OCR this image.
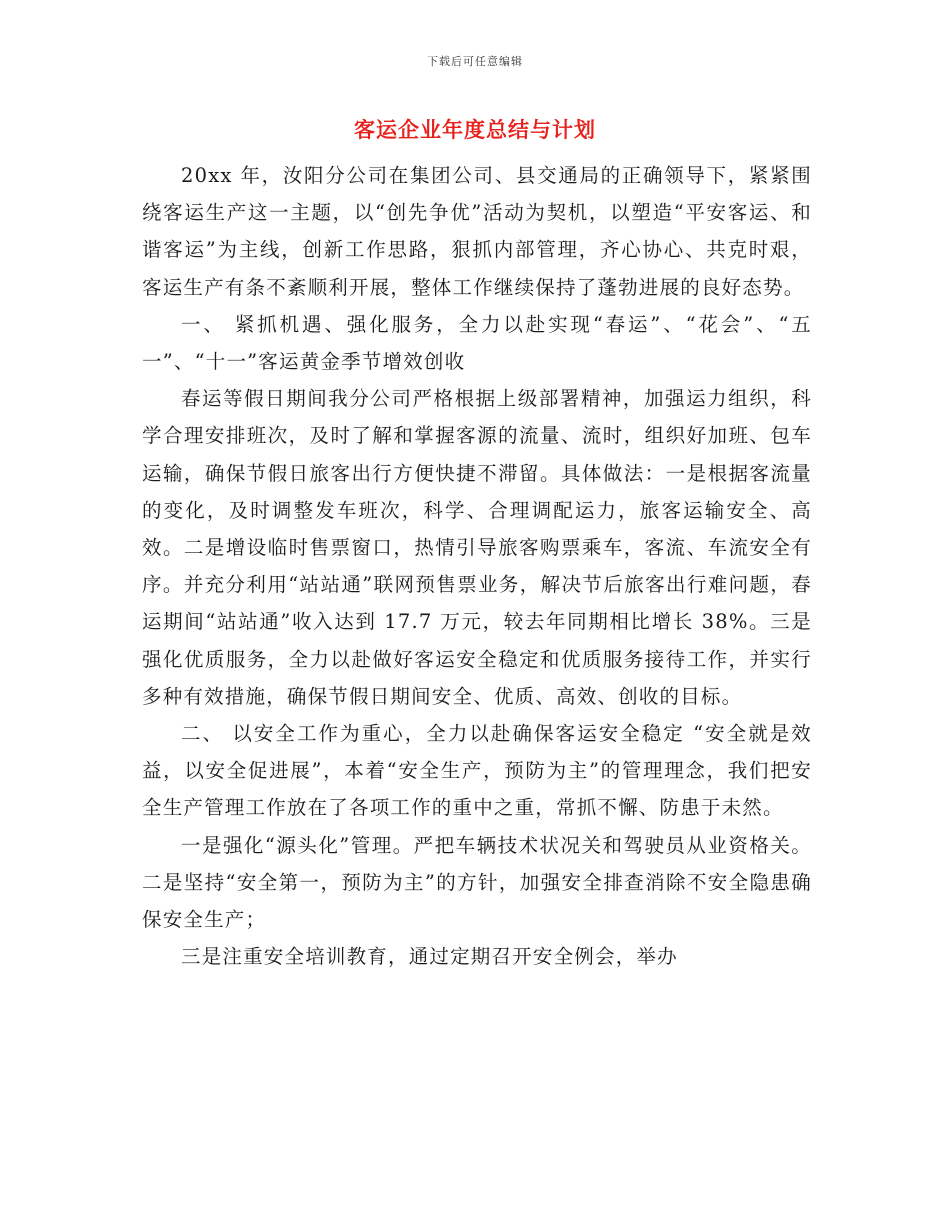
下载后可任意编辑
客运企业年度总结与计划

20xx 年，汝阳分公司在集团公司、县交通局的正确领导下，紧紧围绕客运生产这一主题，以“创先争优”活动为契机，以塑造“平安客运、和谐客运”为主线，创新工作思路，狠抓内部管理，齐心协心、共克时艰，客运生产有条不紊顺利开展，整体工作继续保持了蓬勃进展的良好态势。

一、 紧抓机遇、强化服务，全力以赴实现“春运”、“花会”、“五一”、“十一”客运黄金季节增效创收

春运等假日期间我分公司严格根据上级部署精神，加强运力组织，科学合理安排班次，及时了解和掌握客源的流量、流时，组织好加班、包车运输，确保节假日旅客出行方便快捷不滞留。具体做法：一是根据客流量的变化，及时调整发车班次，科学、合理调配运力，旅客运输安全、高效。二是增设临时售票窗口，热情引导旅客购票乘车，客流、车流安全有序。并充分利用“站站通”联网预售票业务，解决节后旅客出行难问题，春运期间“站站通”收入达到 17.7 万元，较去年同期相比增长 38%。三是强化优质服务，全力以赴做好客运安全稳定和优质服务接待工作，并实行多种有效措施，确保节假日期间安全、优质、高效、创收的目标。

二、 以安全工作为重心，全力以赴确保客运安全稳定 “安全就是效益，以安全促进展”，本着“安全生产，预防为主”的管理理念，我们把安全生产管理工作放在了各项工作的重中之重，常抓不懈、防患于未然。

一是强化“源头化”管理。严把车辆技术状况关和驾驶员从业资格关。二是坚持“安全第一，预防为主”的方针，加强安全排查消除不安全隐患确保安全生产；

三是注重安全培训教育，通过定期召开安全例会，举办
